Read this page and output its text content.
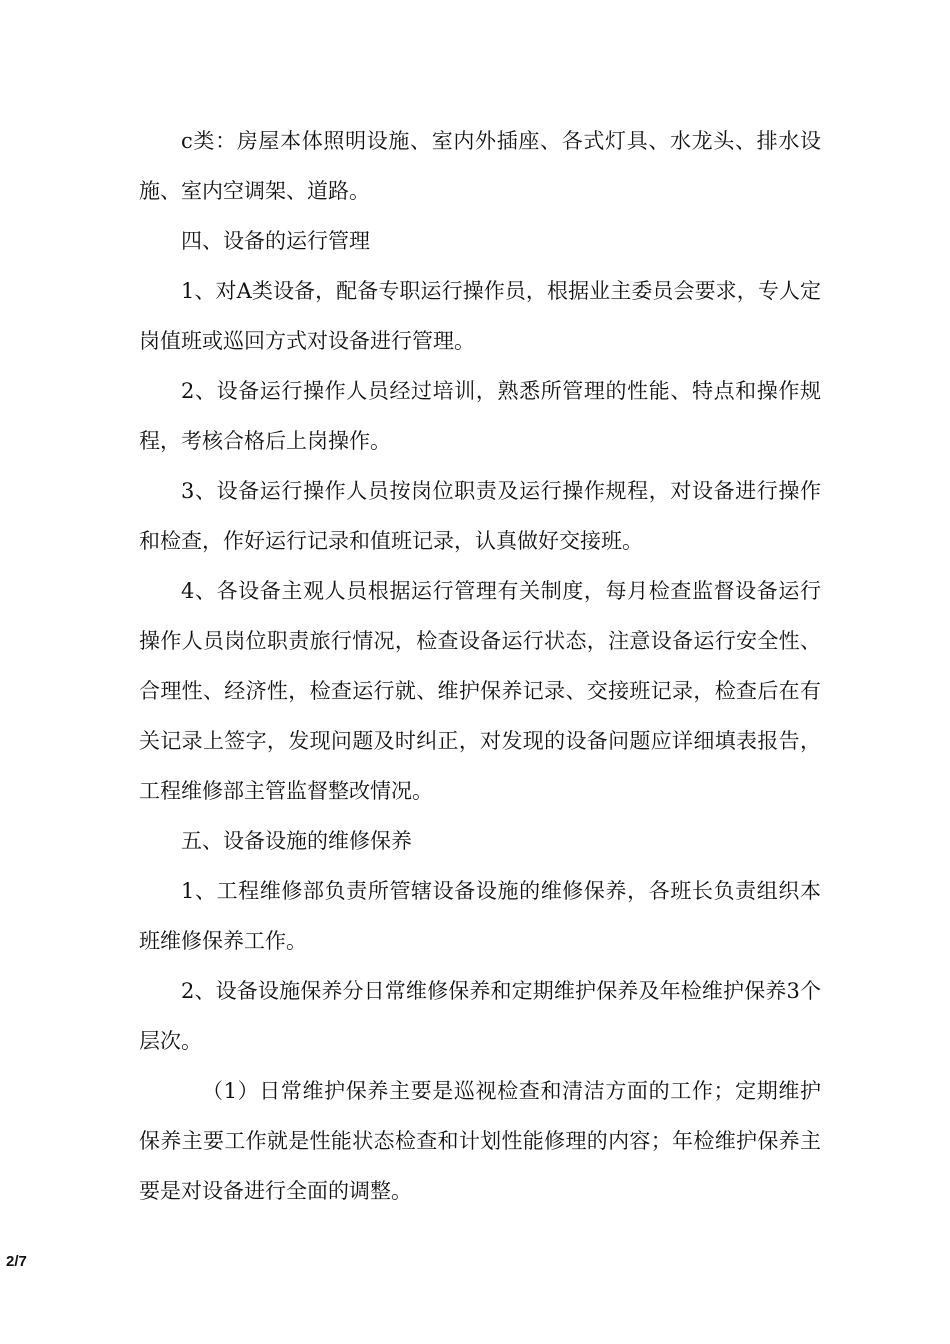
c类：房屋本体照明设施、室内外插座、各式灯具、水龙头、排水设施、室内空调架、道路。

四、设备的运行管理

1、对A类设备，配备专职运行操作员，根据业主委员会要求，专人定岗值班或巡回方式对设备进行管理。

2、设备运行操作人员经过培训，熟悉所管理的性能、特点和操作规程，考核合格后上岗操作。

3、设备运行操作人员按岗位职责及运行操作规程，对设备进行操作和检查，作好运行记录和值班记录，认真做好交接班。

4、各设备主观人员根据运行管理有关制度，每月检查监督设备运行操作人员岗位职责旅行情况，检查设备运行状态，注意设备运行安全性、合理性、经济性，检查运行就、维护保养记录、交接班记录，检查后在有关记录上签字，发现问题及时纠正，对发现的设备问题应详细填表报告，工程维修部主管监督整改情况。

五、设备设施的维修保养

1、工程维修部负责所管辖设备设施的维修保养，各班长负责组织本班维修保养工作。

2、设备设施保养分日常维修保养和定期维护保养及年检维护保养3个层次。

（1）日常维护保养主要是巡视检查和清洁方面的工作；定期维护保养主要工作就是性能状态检查和计划性能修理的内容；年检维护保养主要是对设备进行全面的调整。

2/7
